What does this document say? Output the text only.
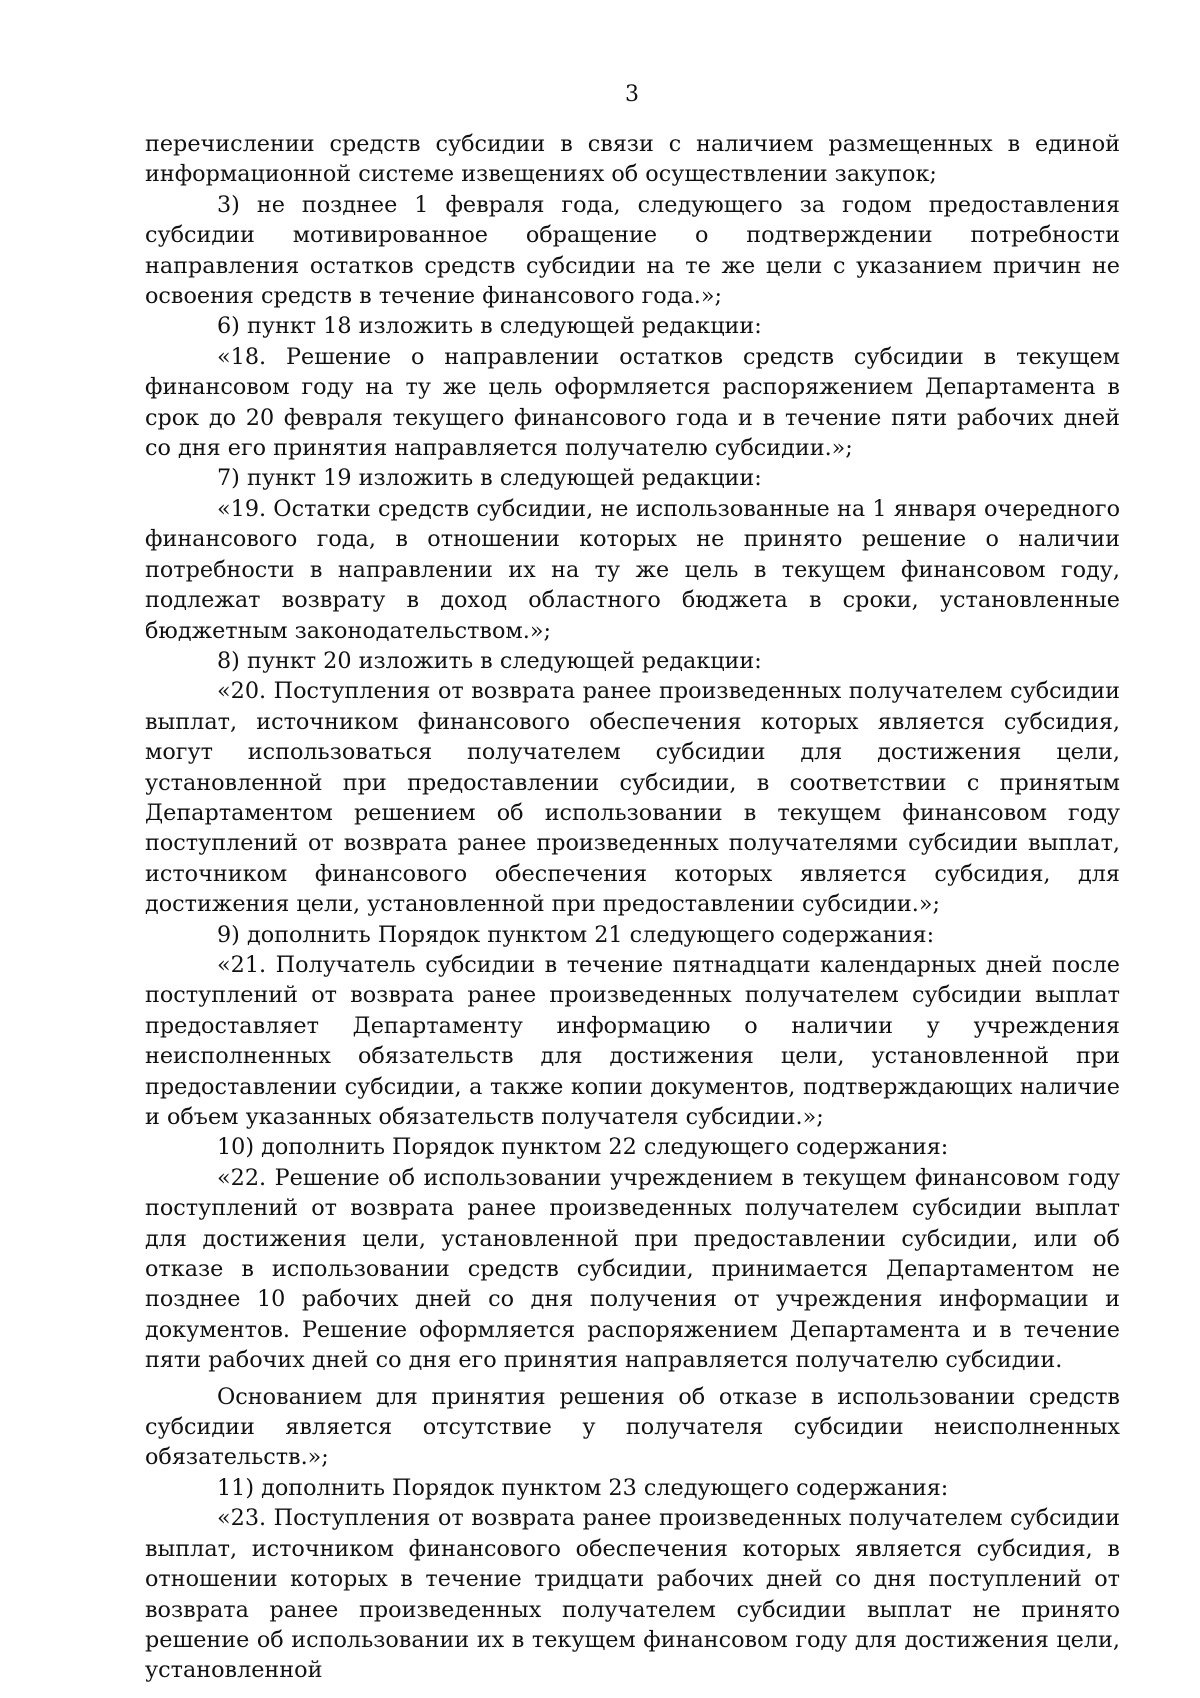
3

перечислении средств субсидии в связи с наличием размещенных в единой информационной системе извещениях об осуществлении закупок;

3) не позднее 1 февраля года, следующего за годом предоставления субсидии мотивированное обращение о подтверждении потребности направления остатков средств субсидии на те же цели с указанием причин не освоения средств в течение финансового года.»;

6) пункт 18 изложить в следующей редакции:

«18. Решение о направлении остатков средств субсидии в текущем финансовом году на ту же цель оформляется распоряжением Департамента в срок до 20 февраля текущего финансового года и в течение пяти рабочих дней со дня его принятия направляется получателю субсидии.»;

7) пункт 19 изложить в следующей редакции:

«19. Остатки средств субсидии, не использованные на 1 января очередного финансового года, в отношении которых не принято решение о наличии потребности в направлении их на ту же цель в текущем финансовом году, подлежат возврату в доход областного бюджета в сроки, установленные бюджетным законодательством.»;

8) пункт 20 изложить в следующей редакции:

«20. Поступления от возврата ранее произведенных получателем субсидии выплат, источником финансового обеспечения которых является субсидия, могут использоваться получателем субсидии для достижения цели, установленной при предоставлении субсидии, в соответствии с принятым Департаментом решением об использовании в текущем финансовом году поступлений от возврата ранее произведенных получателями субсидии выплат, источником финансового обеспечения которых является субсидия, для достижения цели, установленной при предоставлении субсидии.»;

9) дополнить Порядок пунктом 21 следующего содержания:

«21. Получатель субсидии в течение пятнадцати календарных дней после поступлений от возврата ранее произведенных получателем субсидии выплат предоставляет Департаменту информацию о наличии у учреждения неисполненных обязательств для достижения цели, установленной при предоставлении субсидии, а также копии документов, подтверждающих наличие и объем указанных обязательств получателя субсидии.»;

10) дополнить Порядок пунктом 22 следующего содержания:

«22. Решение об использовании учреждением в текущем финансовом году поступлений от возврата ранее произведенных получателем субсидии выплат для достижения цели, установленной при предоставлении субсидии, или об отказе в использовании средств субсидии, принимается Департаментом не позднее 10 рабочих дней со дня получения от учреждения информации и документов. Решение оформляется распоряжением Департамента и в течение пяти рабочих дней со дня его принятия направляется получателю субсидии.

Основанием для принятия решения об отказе в использовании средств субсидии является отсутствие у получателя субсидии неисполненных обязательств.»;

11) дополнить Порядок пунктом 23 следующего содержания:

«23. Поступления от возврата ранее произведенных получателем субсидии выплат, источником финансового обеспечения которых является субсидия, в отношении которых в течение тридцати рабочих дней со дня поступлений от возврата ранее произведенных получателем субсидии выплат не принято решение об использовании их в текущем финансовом году для достижения цели, установленной
